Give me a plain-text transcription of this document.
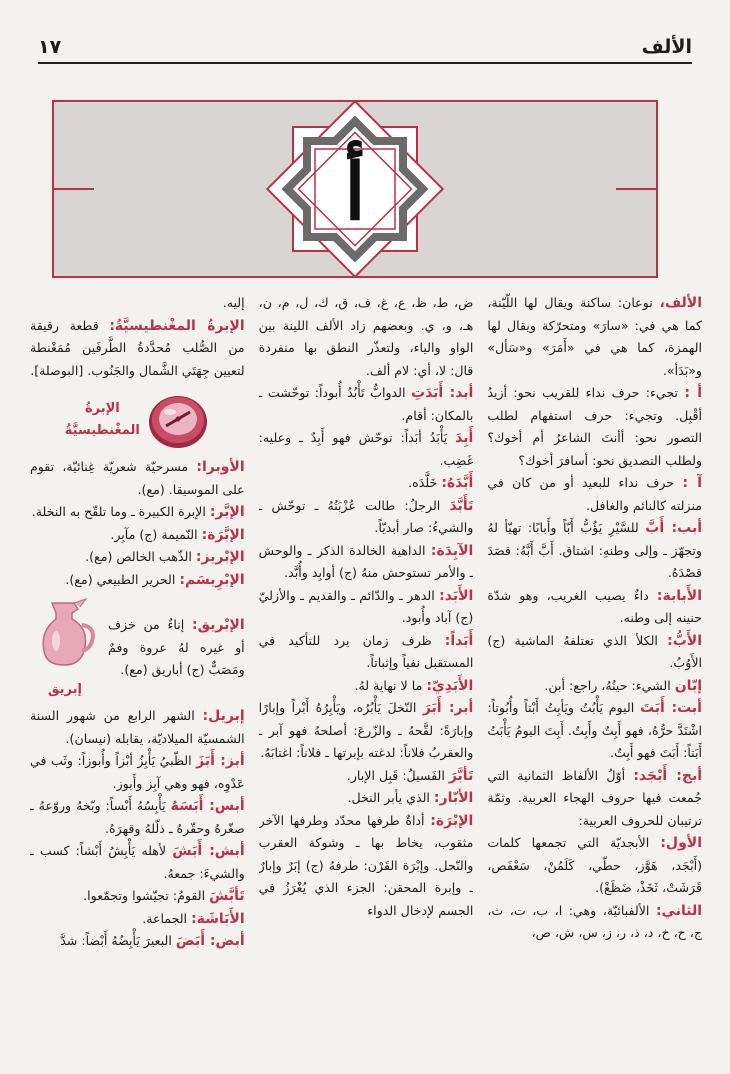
١٧	الألف
أ
الألف، نوعان: ساكنة ويقال لها اللّيّنة، كما هي في: «سارَ» ومتحرّكة ويقال لها الهمزة، كما هي في «أَمَرَ» و«سَأل» و«بَدَأ».
أ : تجيء: حرف نداء للقريب نحو: أزيدُ أقْبِل. وتجيء: حرف استفهام لطلب التصور نحو: أأنتَ الشاعرُ أم أخوك؟ ولطلب التصديق نحو: أسافرَ أخوك؟
آ : حرف نداء للبعيد أو من كان في منزلته كالنائم والغافل.
أبب: أَبَّ للسَّيْرِ يَؤُبُّ أَبّاً وأَبابًا: تهيّأ لهُ وتجهّز ـ وإلى وطنهِ: اشتاق. أَبَّ أَبَّهُ: قصَدَ قصْدَهُ.
الأَبابة: داءٌ يصيب الغريب، وهو شدّة حنينه إلى وطنه.
الأَبُّ: الكلأ الذي تعتلفهُ الماشية (ج) الأَوُبُ.
إبّان الشيء: حينُهُ، راجع: أبن.
أبت: أَبَتَ اليوم يَأْبُتُ ويَأبِتُ أَبْتاً وأُبُوتاً: اشْتَدَّ حرُّهُ، فهو أَبِتٌ وأَبِتٌ. أَبِتَ اليومُ يَأْبَتُ أَبَتاً: أَبَتَ فهو أَبِتٌ.
أبج: أَبْجَد: أوّلُ الألفاظ الثمانية التي جُمعت فيها حروف الهجاء العربية. وثمّة ترتيبان للحروف العربية:
الأول: الأبجديّة التي تجمعها كلمات (أَبْجَد، هَوَّز، حطّي، كَلَمُنْ، سَعْفَص، قَرَشَتْ، ثَخَذْ، ضَظَغْ).
الثاني: الألفبائيّة، وهي: ا، ب، ت، ث، ج، ح، خ، د، ذ، ر، ز، س، ش، ص،
ض، ط، ظ، ع، غ، ف، ق، ك، ل، م، ن، هـ، و، ي. وبعضهم زاد الألف اللينة بين الواو والياء، ولتعذّر النطق بها منفردة قال: لا، أي: لام ألف.
أبد: أَبَدَتِ الدوابُّ تَأْبُدُ أُبوداً: توحّشت ـ بالمكان: أقام.
أَبِدَ يَأْبَدُ أبَداً: توحّش فهو أَبِدٌ ـ وعليه: غَضِب.
أَبَّدَهُ: خَلَّدَه.
تَأَبَّدَ الرجلُ: طالت عُزْبَتُهُ ـ توحّش ـ والشيءُ: صار أبديّاً.
الآبِدَة: الداهية الخالدة الذكر ـ والوحش ـ والأمر تستوحش منهُ (ج) أوابِد وأُبَّد.
الأَبَد: الدهر ـ والدّائم ـ والقديم ـ والأزليّ (ج) آباد وأُبود.
أَبَداً: ظرف زمان يرد للتأكيد في المستقبل نفياً وإثباتاً.
الأَبَدِيّ: ما لا نهاية لهُ.
أبر: أَبَرَ النّخلَ يَأْبُرُه، ويَأْبِرُهُ أَبْراً وإبارًا وإبارَةً: لقَّحهُ ـ والزّرعَ: أصلحهُ فهو آبر ـ والعقربُ فلاناً: لدغته بإبرتها ـ فلاناً: اغتابَهُ.
تَأبَّرَ الفَسيلُ: قَبِل الإبار.
الأبّار: الذي يأبر النخل.
الإبْرَة: أداةٌ طرفها محدّد وطرفها الآخر مثقوب، يخاط بها ـ وشوكة العقرب والنّحل. وإبْرَة القَرْن: طرفهُ (ج) إبَرٌ وإبارٌ ـ وإبرة المحقن: الجزء الذي يُغْرَزُ في الجسم لإدخال الدواء
إليه.
الإبرةُ المغْنطيسيَّةُ: قطعة رقيقة من الصُّلب مُحدَّدةُ الطَّرفَين مُمَغْنطة لتعيين جِهَتَي الشَّمال والجَنُوب. [البوصلة].
الإبرةُ
المغْنطيسيَّةُ
الأوبرا: مسرحيّة شعريّة غِنائيّة، تقوم على الموسيقا. (مع).
الإبَّر: الإبرة الكبيرة ـ وما تلقّح به النخلة.
الإبَّرَة: النّميمة (ج) مآبِر.
الإبْريز: الذّهب الخالص (مع).
الإبْرِيسَم: الحرير الطبيعي (مع).
الإبْريق: إناءٌ من خزف أو غيره لهُ عروة وفمٌ ومَصَبٌّ (ج) أباريق (مع).
إبريق
إبريل: الشهر الرابع من شهور السنة الشمسيّة الميلاديّة، يقابله (نيسان).
أبز: أَبَزَ الظّبيُ يَأْبِزُ أبْزاً وأُبوزاً: وثَب في عَدْوِه، فهو وهي آبِز وأَبوز.
أبس: أَبَسَهُ يَأْبِسُهُ أَبْساً: وبّخهُ وروّعهُ ـ صغّرهُ وحقّرهُ ـ ذلّلهُ وقهرَهُ.
أبش: أَبَشَ لأهله يَأْبِشُ أَبْشاً: كسب ـ والشيءَ: جمعهُ.
تَأبَّشَ القومُ: تجيّشوا وتجمّعوا.
الأَبَاشَة: الجماعة.
أبض: أَبَضَ البعيرَ يَأْبِضُهُ أَبْضاً: شدَّ
